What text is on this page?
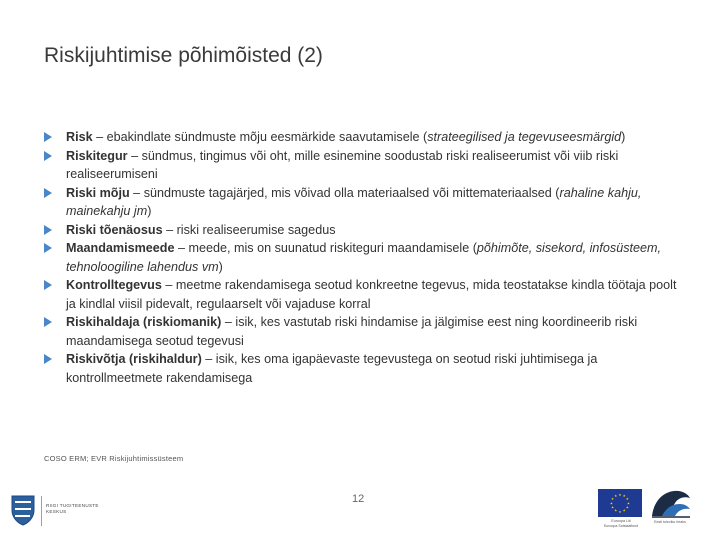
Riskijuhtimise põhimõisted (2)
Risk – ebakindlate sündmuste mõju eesmärkide saavutamisele (strateegilised ja tegevuseesmärgid)
Riskitegur – sündmus, tingimus või oht, mille esinemine soodustab riski realiseerumist või viib riski realiseerumiseni
Riski mõju – sündmuste tagajärjed, mis võivad olla materiaalsed või mittemateriaalsed (rahaline kahju, mainekahju jm)
Riski tõenäosus – riski realiseerumise sagedus
Maandamismeede – meede, mis on suunatud riskiteguri maandamisele (põhimõte, sisekord, infosüsteem, tehnoloogiline lahendus vm)
Kontrolltegevus – meetme rakendamisega seotud konkreetne tegevus, mida teostatakse kindla töötaja poolt ja kindlal viisil pidevalt, regulaarselt või vajaduse korral
Riskihaldaja (riskiomanik) – isik, kes vastutab riski hindamise ja jälgimise eest ning koordineerib riski maandamisega seotud tegevusi
Riskivõtja (riskihaldur) – isik, kes oma igapäevaste tegevustega on seotud riski juhtimisega ja kontrollmeetmete rakendamisega
COSO ERM; EVR Riskijuhtimissüsteem
12
RIIGI TUGITEENUSTE
KESKUS
★ ★
★
★
★
★
★
★
★
★
★
★
Euroopa Liit
Euroopa Sotsiaalfond
Eesti tuleviku heaks
